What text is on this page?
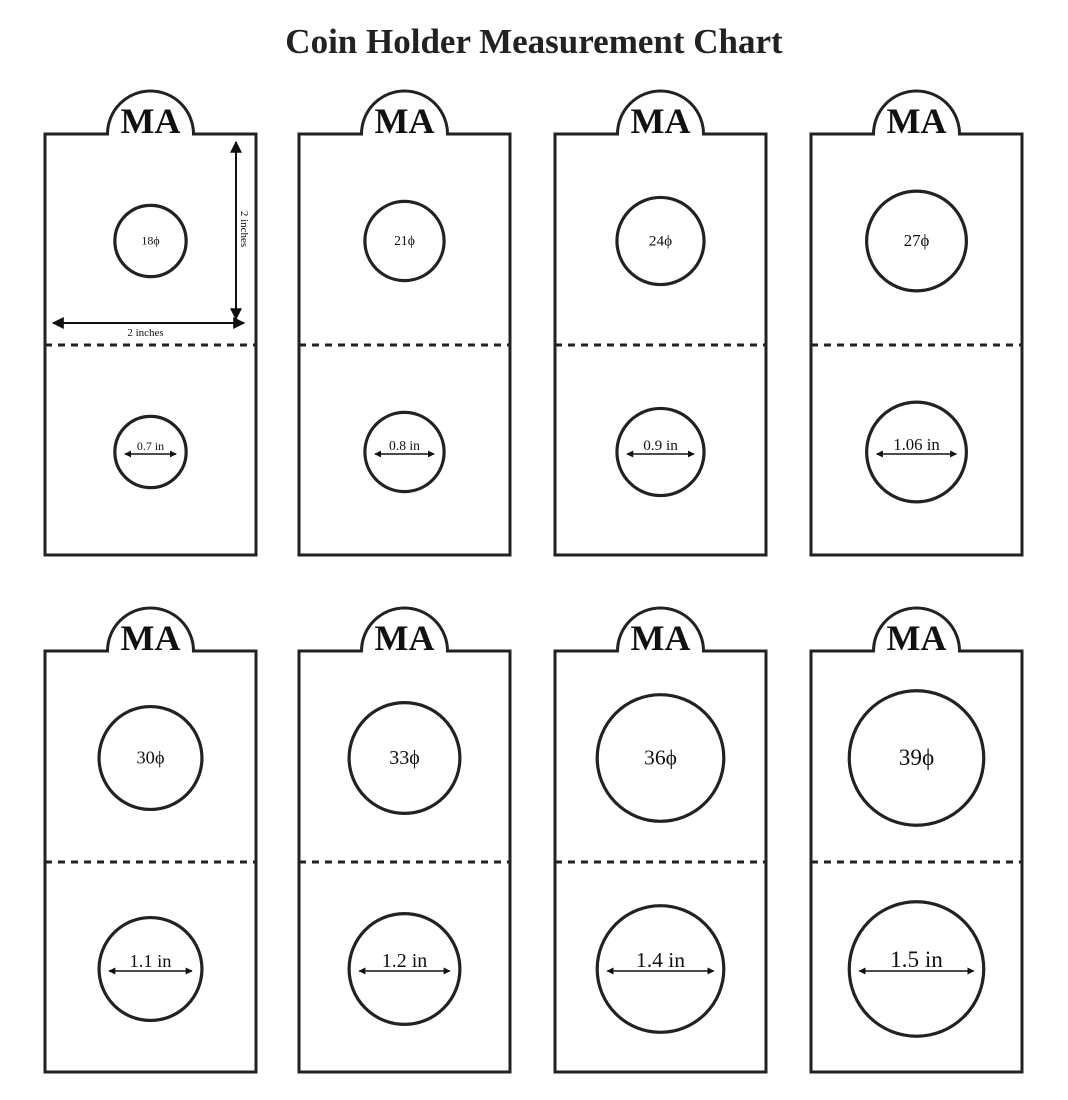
Coin Holder Measurement Chart
MA
18ϕ
0.7 in
2 inches
2 inches
MA
21ϕ
0.8 in
MA
24ϕ
0.9 in
MA
27ϕ
1.06 in
MA
30ϕ
1.1 in
MA
33ϕ
1.2 in
MA
36ϕ
1.4 in
MA
39ϕ
1.5 in
